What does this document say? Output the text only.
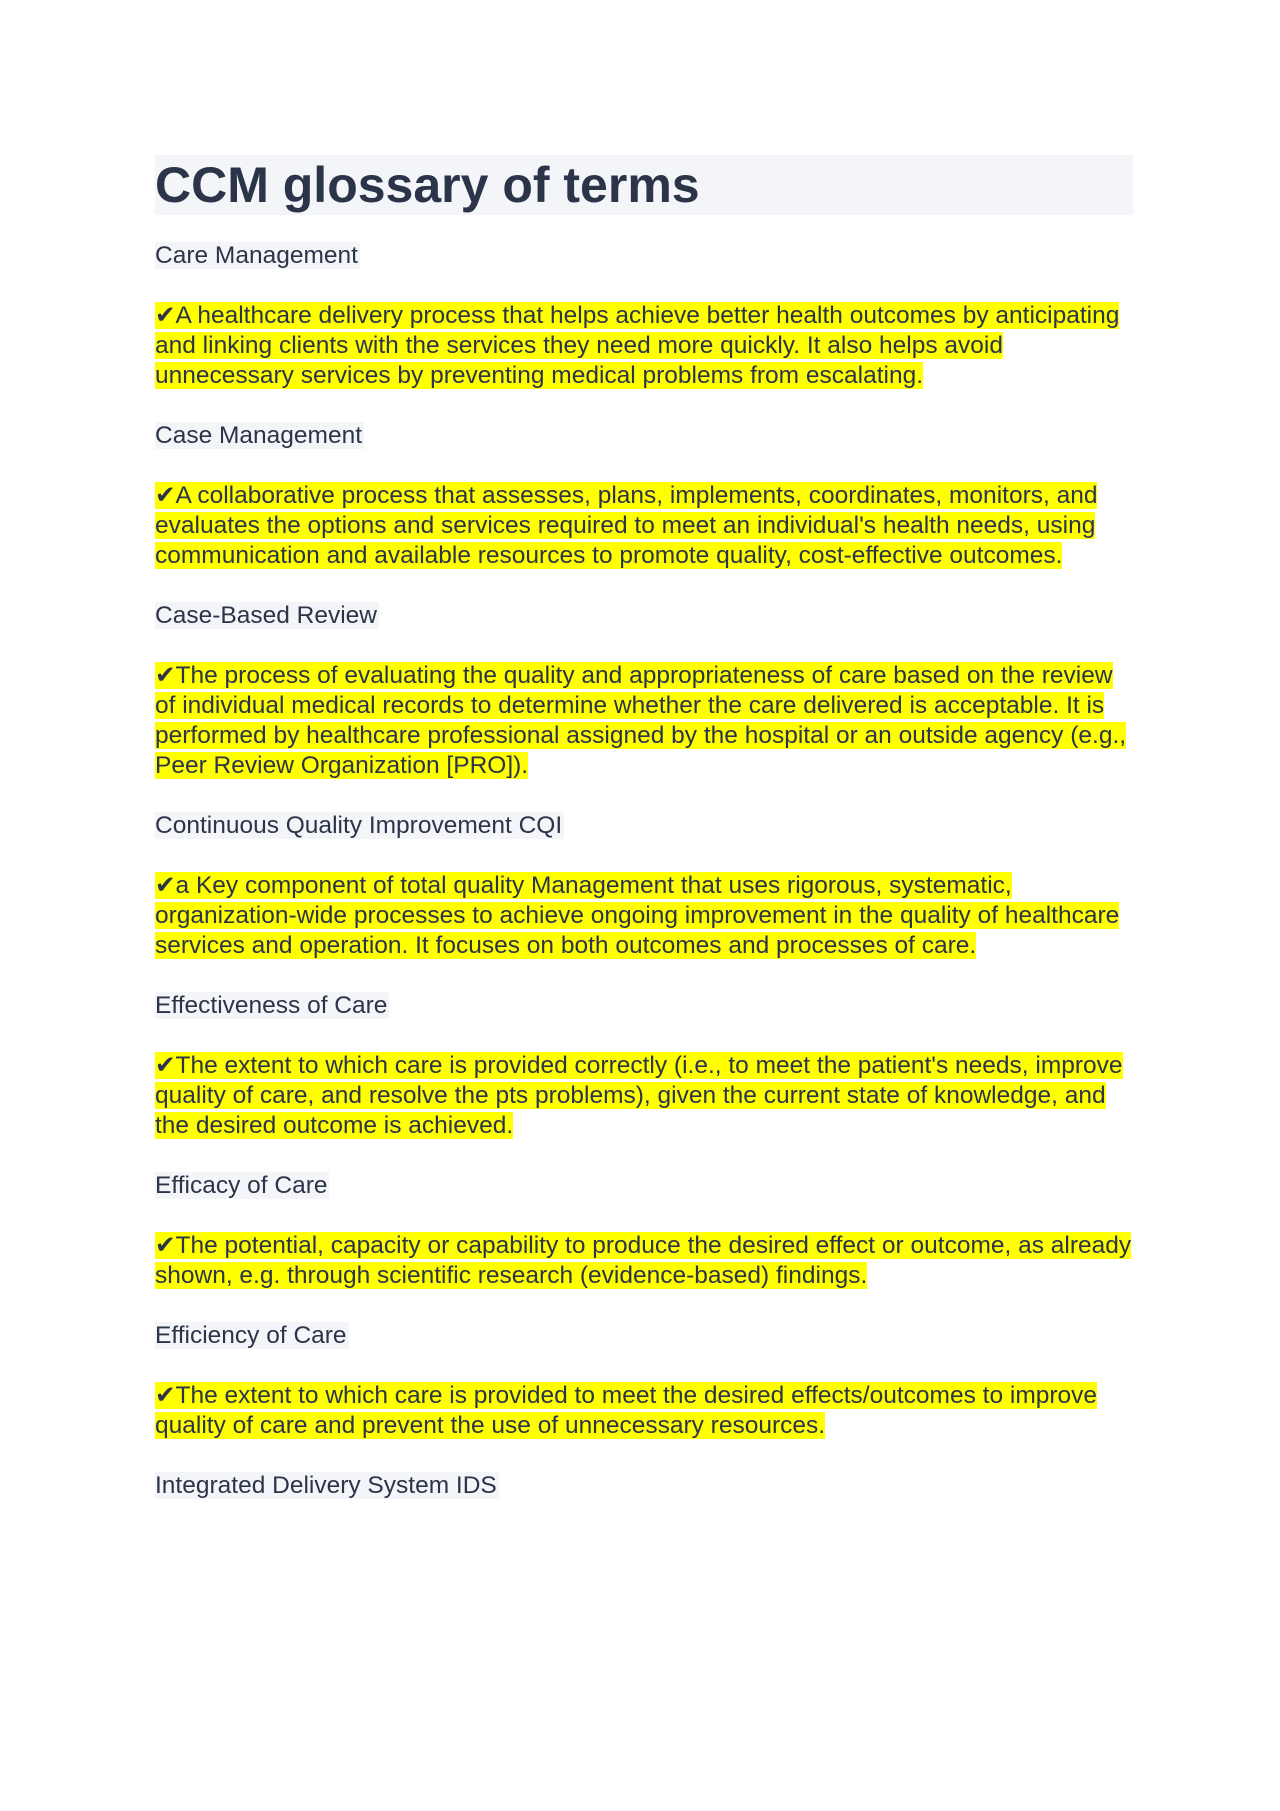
CCM glossary of terms

Care Management

✔A healthcare delivery process that helps achieve better health outcomes by anticipating and linking clients with the services they need more quickly. It also helps avoid unnecessary services by preventing medical problems from escalating.

Case Management

✔A collaborative process that assesses, plans, implements, coordinates, monitors, and evaluates the options and services required to meet an individual's health needs, using communication and available resources to promote quality, cost-effective outcomes.

Case-Based Review

✔The process of evaluating the quality and appropriateness of care based on the review of individual medical records to determine whether the care delivered is acceptable. It is performed by healthcare professional assigned by the hospital or an outside agency (e.g., Peer Review Organization [PRO]).

Continuous Quality Improvement CQI

✔a Key component of total quality Management that uses rigorous, systematic, organization-wide processes to achieve ongoing improvement in the quality of healthcare services and operation. It focuses on both outcomes and processes of care.

Effectiveness of Care

✔The extent to which care is provided correctly (i.e., to meet the patient's needs, improve quality of care, and resolve the pts problems), given the current state of knowledge, and the desired outcome is achieved.

Efficacy of Care

✔The potential, capacity or capability to produce the desired effect or outcome, as already shown, e.g. through scientific research (evidence-based) findings.

Efficiency of Care

✔The extent to which care is provided to meet the desired effects/outcomes to improve quality of care and prevent the use of unnecessary resources.

Integrated Delivery System IDS
